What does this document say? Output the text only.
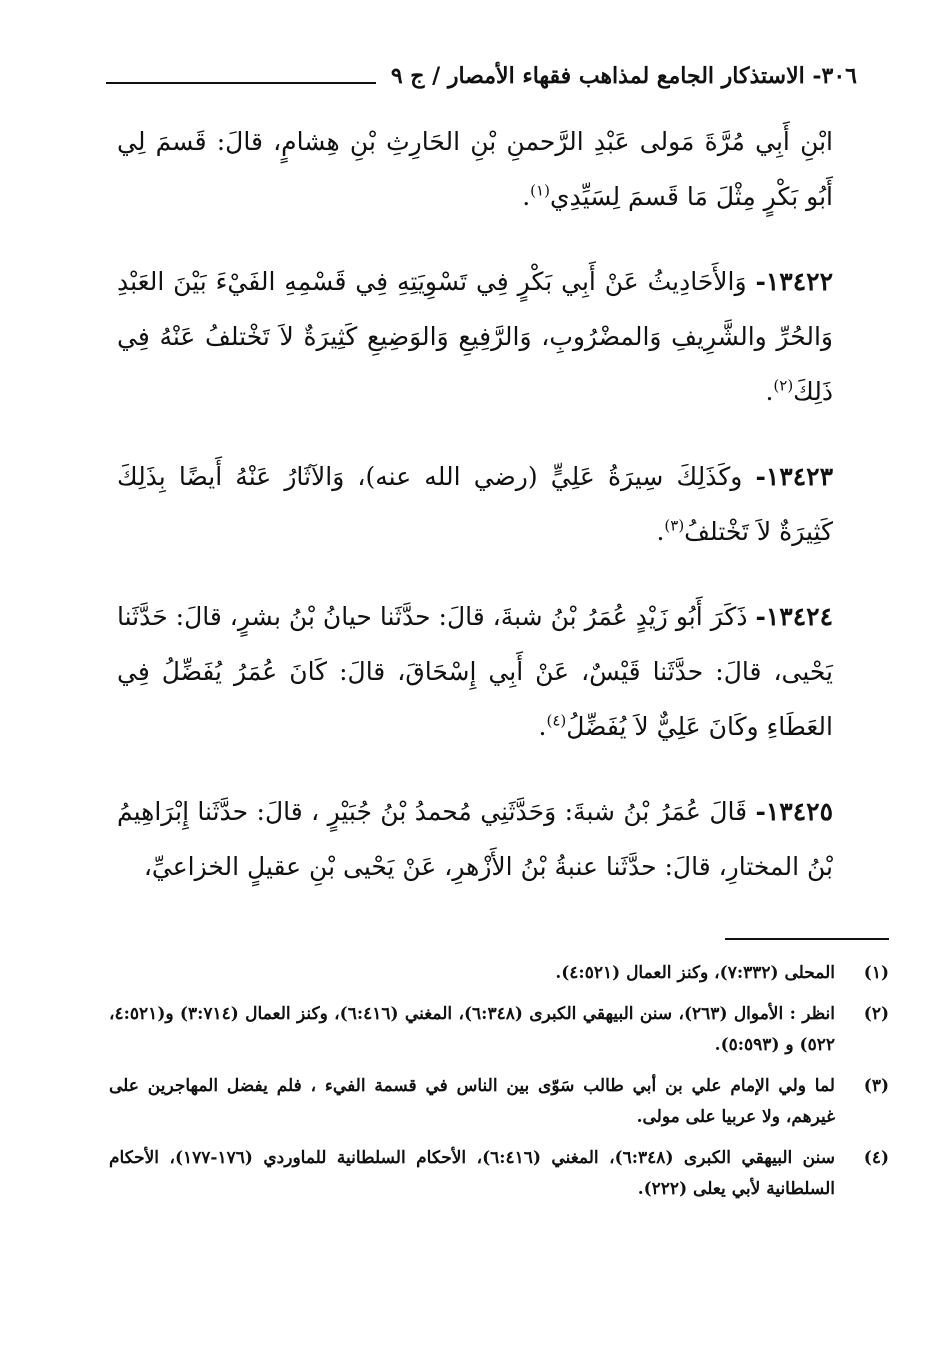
٣٠٦- الاستذكار الجامع لمذاهب فقهاء الأمصار / ج ٩

ابْنِ أَبِي مُرَّةَ مَولى عَبْدِ الرَّحمنِ بْنِ الحَارِثِ بْنِ هِشامٍ، قالَ: قَسمَ لِي أَبُو بَكْرٍ مِثْلَ مَا قَسمَ لِسَيِّدِي$^{(١)}$.

١٣٤٢٢- وَالأَحَادِيثُ عَنْ أَبِي بَكْرٍ فِي تَسْوِيَتِهِ فِي قَسْمِهِ الفَيْءَ بَيْنَ العَبْدِ وَالحُرِّ والشَّرِيفِ وَالمضْرُوبِ، وَالرَّفِيعِ وَالوَضِيعِ كَثِيرَةٌ لاَ تَخْتلفُ عَنْهُ فِي ذَلِكَ$^{(٢)}$.

١٣٤٢٣- وكَذَلِكَ سِيرَةُ عَلِيٍّ (رضي الله عنه)، وَالآثَارُ عَنْهُ أَيضًا بِذَلِكَ كَثِيرَةٌ لاَ تَخْتلفُ$^{(٣)}$.

١٣٤٢٤- ذَكَرَ أَبُو زَيْدٍ عُمَرُ بْنُ شبةَ، قالَ: حدَّثَنا حيانُ بْنُ بشرٍ، قالَ: حَدَّثَنا يَحْيى، قالَ: حدَّثَنا قَيْسٌ، عَنْ أَبِي إِسْحَاقَ، قالَ: كَانَ عُمَرُ يُفَضِّلُ فِي العَطَاءِ وكَانَ عَلِيٌّ لاَ يُفَضِّلُ$^{(٤)}$.

١٣٤٢٥- قَالَ عُمَرُ بْنُ شبةَ: وَحَدَّثَنِي مُحمدُ بْنُ جُبَيْرٍ ، قالَ: حدَّثَنا إِبْرَاهِيمُ بْنُ المختارِ، قالَ: حدَّثَنا عنبةُ بْنُ الأَزْهرِ، عَنْ يَحْيى بْنِ عقيلٍ الخزاعيِّ،

(١)
المحلى (٧:٣٣٢)، وكنز العمال (٤:٥٢١).
(٢)
انظر : الأموال (٢٦٣)، سنن البيهقي الكبرى (٦:٣٤٨)، المغني (٦:٤١٦)، وكنز العمال (٣:٧١٤) و(٤:٥٢١، ٥٢٢) و (٥:٥٩٣).
(٣)
لما ولي الإمام علي بن أبي طالب سَوّى بين الناس في قسمة الفيء ، فلم يفضل المهاجرين على غيرهم، ولا عربيا على مولى.
(٤)
سنن البيهقي الكبرى (٦:٣٤٨)، المغني (٦:٤١٦)، الأحكام السلطانية للماوردي (١٧٦-١٧٧)، الأحكام السلطانية لأبي يعلى (٢٢٢).
